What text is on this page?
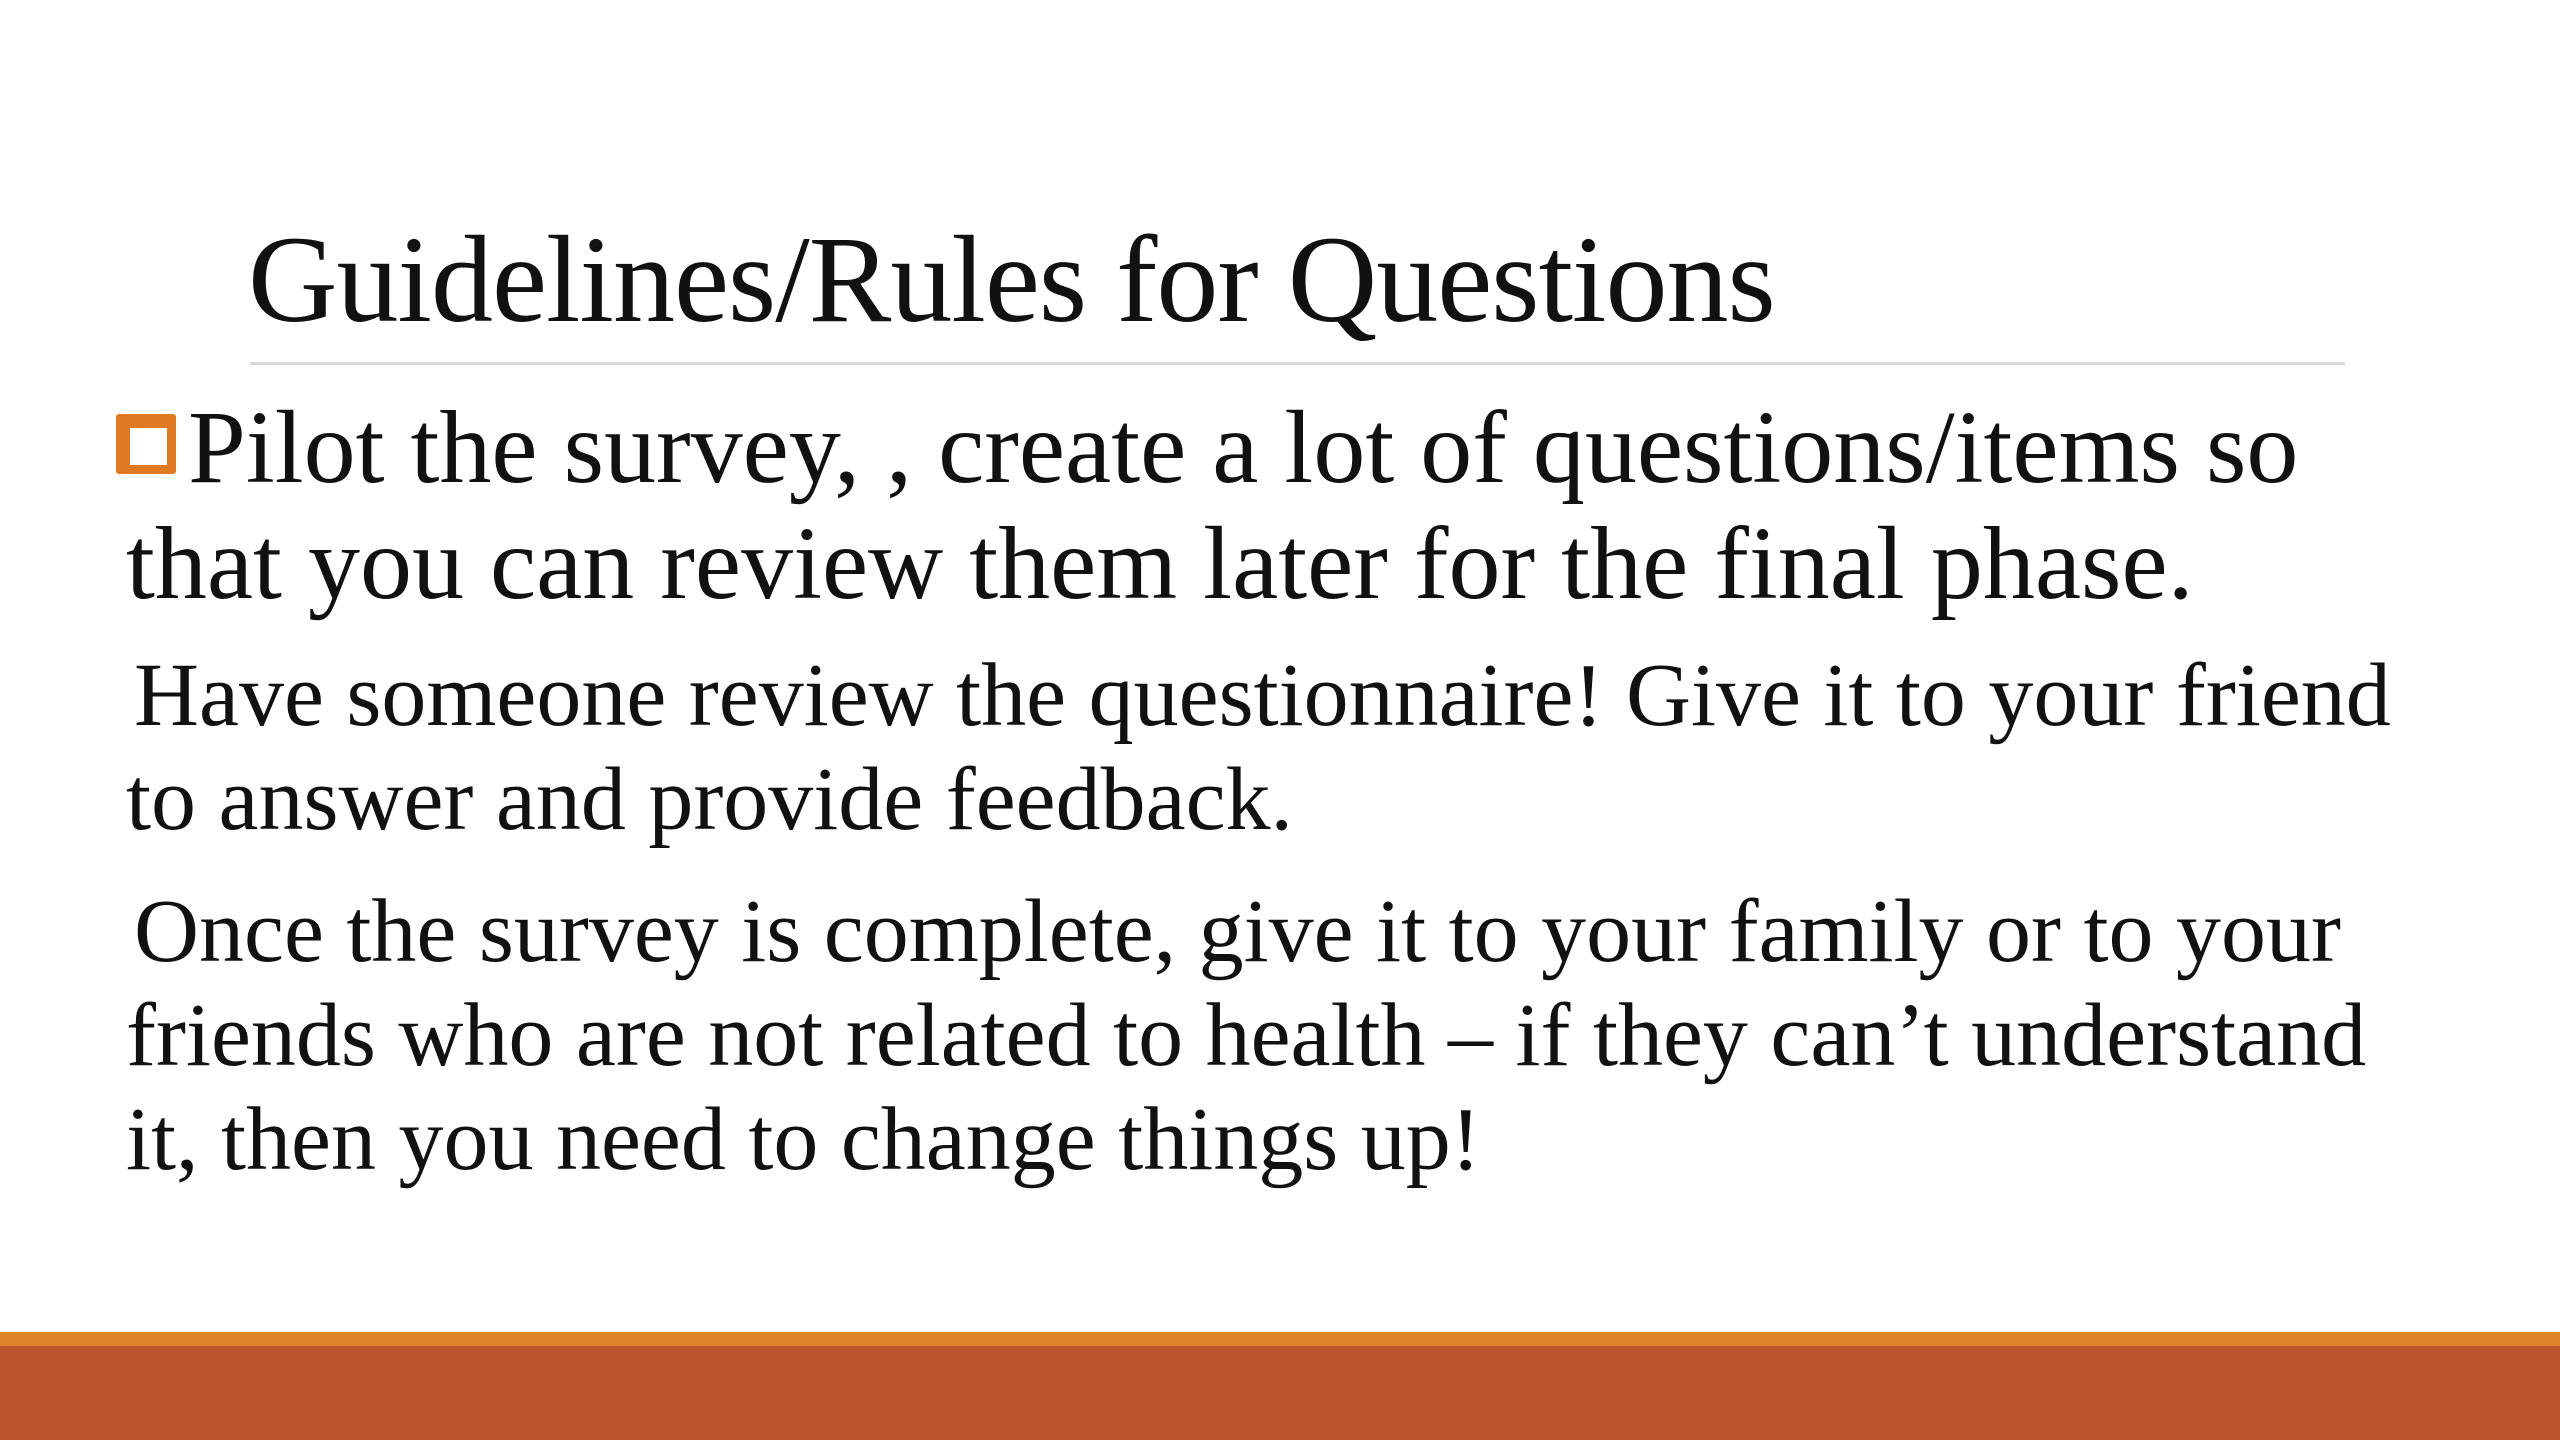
Guidelines/Rules for Questions

Pilot the survey, , create a lot of questions/items so that you can review them later for the final phase.

Have someone review the questionnaire! Give it to your friend to answer and provide feedback.

Once the survey is complete, give it to your family or to your friends who are not related to health – if they can’t understand it, then you need to change things up!
